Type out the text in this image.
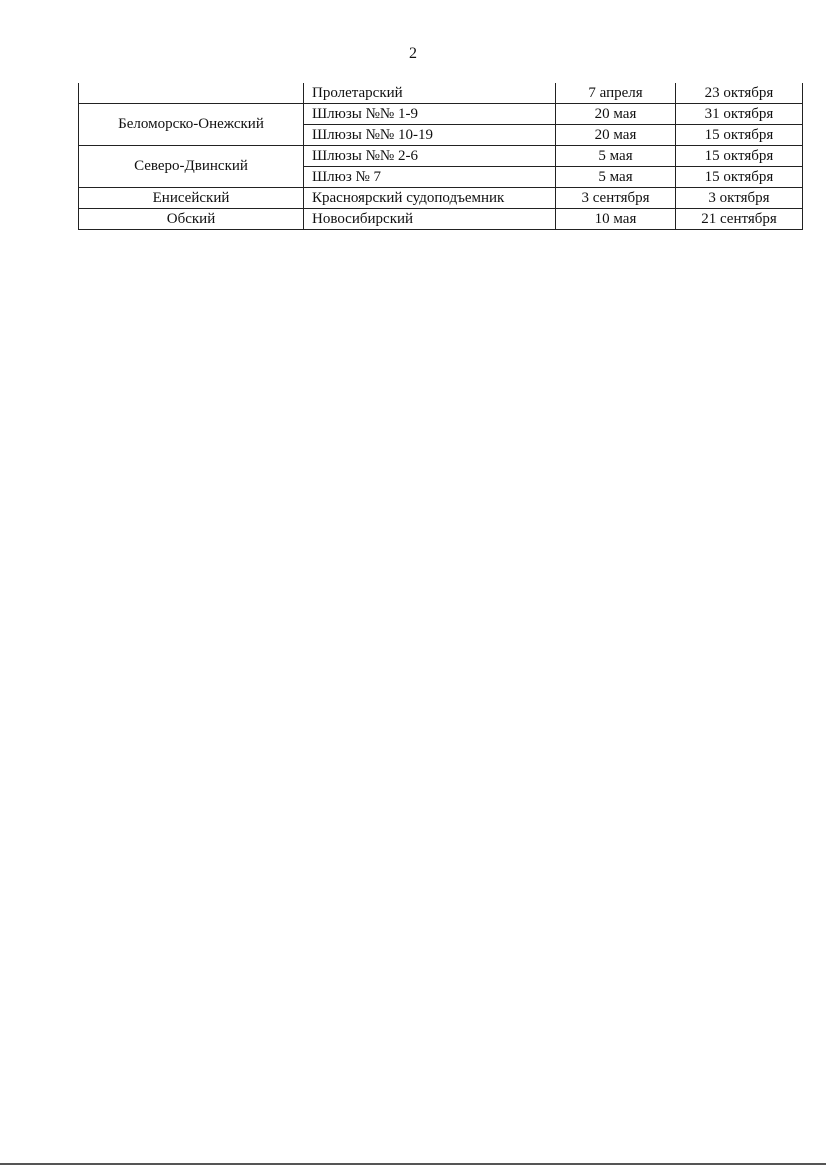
2
	Пролетарский	7 апреля	23 октября
Беломорско-Онежский	Шлюзы №№ 1-9	20 мая	31 октября
	Шлюзы №№ 10-19	20 мая	15 октября
Северо-Двинский	Шлюзы №№ 2-6	5 мая	15 октября
	Шлюз № 7	5 мая	15 октября
Енисейский	Красноярский судоподъемник	3 сентября	3 октября
Обский	Новосибирский	10 мая	21 сентября
